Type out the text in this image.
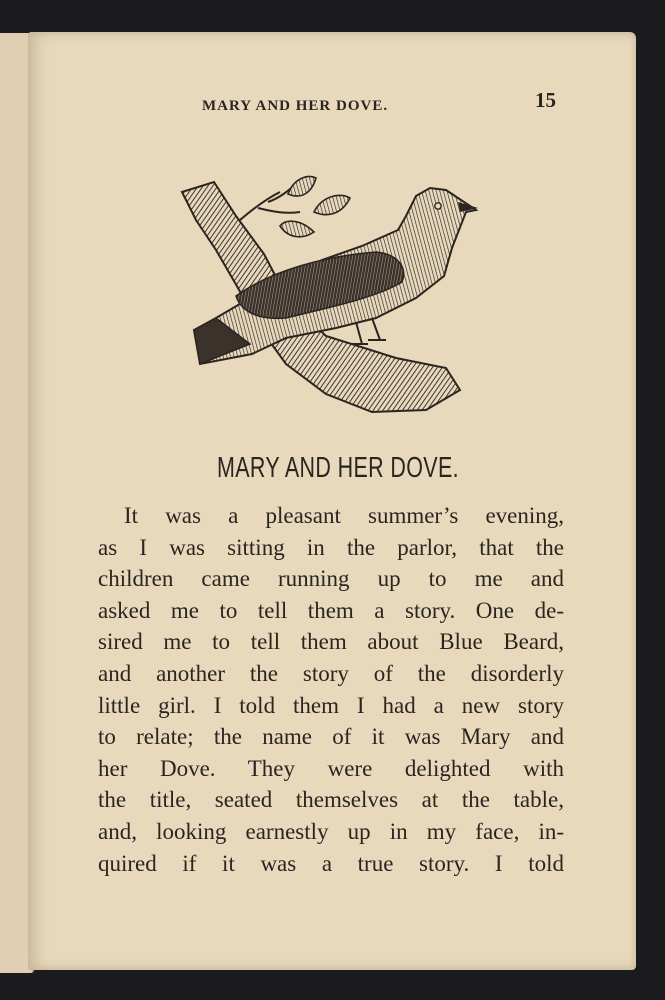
MARY AND HER DOVE.	15
MARY AND HER DOVE.
It was a pleasant summer’s evening,
as I was sitting in the parlor, that the
children came running up to me and
asked me to tell them a story. One de-
sired me to tell them about Blue Beard,
and another the story of the disorderly
little girl. I told them I had a new story
to relate; the name of it was Mary and
her Dove. They were delighted with
the title, seated themselves at the table,
and, looking earnestly up in my face, in-
quired if it was a true story. I told
